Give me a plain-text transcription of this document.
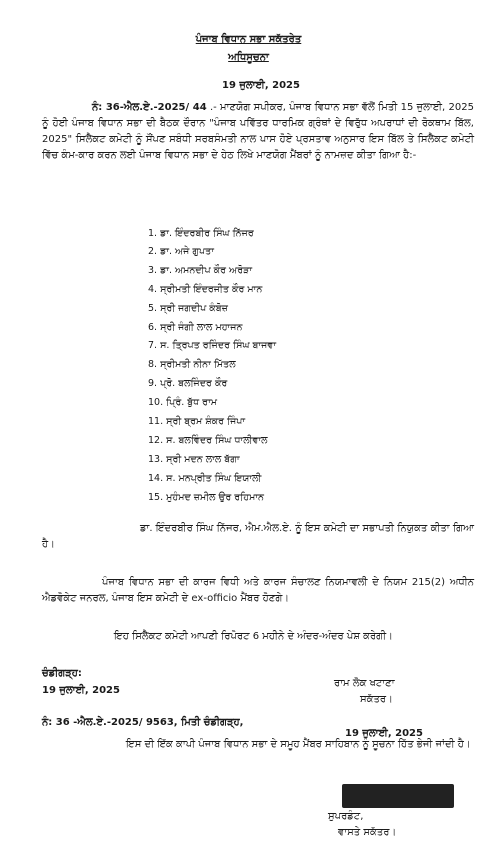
ਪੰਜਾਬ ਵਿਧਾਨ ਸਭਾ ਸਕੱਤਰੇਤ
ਅਧਿਸੂਚਨਾ
19 ਜੁਲਾਈ, 2025
ਨੰ: 36-ਐਲ.ਏ.-2025/ 44 .- ਮਾਣਯੋਗ ਸਪੀਕਰ, ਪੰਜਾਬ ਵਿਧਾਨ ਸਭਾ ਵੱਲੋਂ ਮਿਤੀ 15 ਜੁਲਾਈ, 2025 ਨੂੰ ਹੋਈ ਪੰਜਾਬ ਵਿਧਾਨ ਸਭਾ ਦੀ ਬੈਠਕ ਦੌਰਾਨ "ਪੰਜਾਬ ਪਵਿੱਤਰ ਧਾਰਮਿਕ ਗ੍ਰੰਥਾਂ ਦੇ ਵਿਰੁੱਧ ਅਪਰਾਧਾਂ ਦੀ ਰੋਕਥਾਮ ਬਿੱਲ, 2025" ਸਿਲੈਕਟ ਕਮੇਟੀ ਨੂੰ ਸੌਂਪਣ ਸਬੰਧੀ ਸਰਬਸੰਮਤੀ ਨਾਲ ਪਾਸ ਹੋਏ ਪ੍ਰਸਤਾਵ ਅਨੁਸਾਰ ਇਸ ਬਿੱਲ ਤੇ ਸਿਲੈਕਟ ਕਮੇਟੀ ਵਿੱਚ ਕੰਮ-ਕਾਰ ਕਰਨ ਲਈ ਪੰਜਾਬ ਵਿਧਾਨ ਸਭਾ ਦੇ ਹੇਠ ਲਿਖੇ ਮਾਣਯੋਗ ਮੈਂਬਰਾਂ ਨੂੰ ਨਾਮਜ਼ਦ ਕੀਤਾ ਗਿਆ ਹੈ:-
1. ਡਾ. ਇੰਦਰਬੀਰ ਸਿੰਘ ਨਿੱਜਰ
2. ਡਾ. ਅਜੇ ਗੁਪਤਾ
3. ਡਾ. ਅਮਨਦੀਪ ਕੌਰ ਅਰੋੜਾ
4. ਸ੍ਰੀਮਤੀ ਇੰਦਰਜੀਤ ਕੌਰ ਮਾਨ
5. ਸ੍ਰੀ ਜਗਦੀਪ ਕੰਬੋਜ਼
6. ਸ੍ਰੀ ਜੰਗੀ ਲਾਲ ਮਹਾਜਨ
7. ਸ. ਤ੍ਰਿਪਤ ਰਜਿੰਦਰ ਸਿੰਘ ਬਾਜਵਾ
8. ਸ੍ਰੀਮਤੀ ਨੀਨਾ ਮਿੱਤਲ
9. ਪ੍ਰੋ. ਬਲਜਿੰਦਰ ਕੌਰ
10. ਪ੍ਰਿੰ. ਬੁੱਧ ਰਾਮ
11. ਸ੍ਰੀ ਬ੍ਰਮ ਸ਼ੰਕਰ ਜਿੰਪਾ
12. ਸ. ਬਲਵਿੰਦਰ ਸਿੰਘ ਧਾਲੀਵਾਲ
13. ਸ੍ਰੀ ਮਦਨ ਲਾਲ ਬੱਗਾ
14. ਸ. ਮਨਪ੍ਰੀਤ ਸਿੰਘ ਇਯਾਲੀ
15. ਮੁਹੰਮਦ ਜ਼ਮੀਲ ਉਰ ਰਹਿਮਾਨ
ਡਾ. ਇੰਦਰਬੀਰ ਸਿੰਘ ਨਿੱਜਰ, ਐਮ.ਐਲ.ਏ. ਨੂੰ ਇਸ ਕਮੇਟੀ ਦਾ ਸਭਾਪਤੀ ਨਿਯੁਕਤ ਕੀਤਾ ਗਿਆ ਹੈ।
ਪੰਜਾਬ ਵਿਧਾਨ ਸਭਾ ਦੀ ਕਾਰਜ ਵਿਧੀ ਅਤੇ ਕਾਰਜ ਸੰਚਾਲਣ ਨਿਯਮਾਵਲੀ ਦੇ ਨਿਯਮ 215(2) ਅਧੀਨ ਐਡਵੋਕੇਟ ਜਨਰਲ, ਪੰਜਾਬ ਇਸ ਕਮੇਟੀ ਦੇ ex-officio ਮੈਂਬਰ ਹੋਣਗੇ।
ਇਹ ਸਿਲੈਕਟ ਕਮੇਟੀ ਆਪਣੀ ਰਿਪੋਰਟ 6 ਮਹੀਨੇ ਦੇ ਅੰਦਰ-ਅੰਦਰ ਪੇਸ਼ ਕਰੇਗੀ।
ਚੰਡੀਗੜ੍ਹ:
19 ਜੁਲਾਈ, 2025
ਰਾਮ ਲੋਕ ਖਟਾਣਾ
ਸਕੱਤਰ।
ਨੰ: 36 -ਐਲ.ਏ.-2025/ 9563, ਮਿਤੀ ਚੰਡੀਗੜ੍ਹ,
19 ਜੁਲਾਈ, 2025
ਇਸ ਦੀ ਇੱਕ ਕਾਪੀ ਪੰਜਾਬ ਵਿਧਾਨ ਸਭਾ ਦੇ ਸਮੂਹ ਮੈਂਬਰ ਸਾਹਿਬਾਨ ਨੂੰ ਸੂਚਨਾ ਹਿੱਤ ਭੇਜੀ ਜਾਂਦੀ ਹੈ।
ਸੁਪਰਡੰਟ,
ਵਾਸਤੇ ਸਕੱਤਰ।
